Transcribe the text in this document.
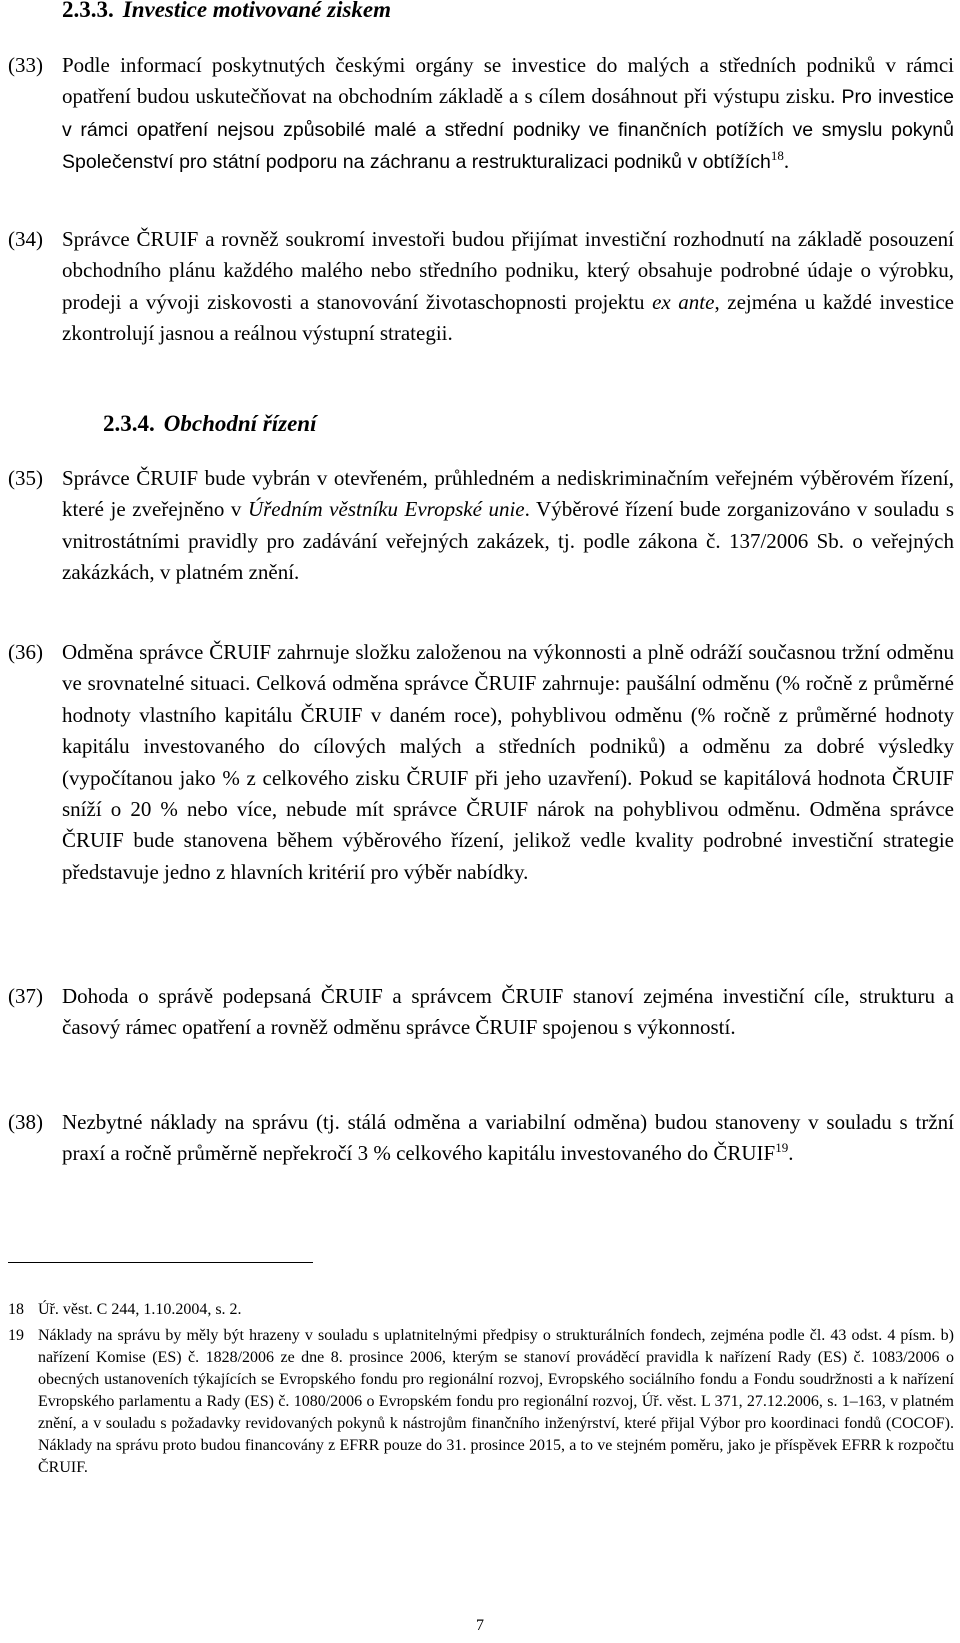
2.3.3. Investice motivované ziskem
(33) Podle informací poskytnutých českými orgány se investice do malých a středních podniků v rámci opatření budou uskutečňovat na obchodním základě a s cílem dosáhnout při výstupu zisku. Pro investice v rámci opatření nejsou způsobilé malé a střední podniky ve finančních potížích ve smyslu pokynů Společenství pro státní podporu na záchranu a restrukturalizaci podniků v obtížích$^{18}$.
(34) Správce ČRUIF a rovněž soukromí investoři budou přijímat investiční rozhodnutí na základě posouzení obchodního plánu každého malého nebo středního podniku, který obsahuje podrobné údaje o výrobku, prodeji a vývoji ziskovosti a stanovování životaschopnosti projektu ex ante, zejména u každé investice zkontrolují jasnou a reálnou výstupní strategii.
2.3.4. Obchodní řízení
(35) Správce ČRUIF bude vybrán v otevřeném, průhledném a nediskriminačním veřejném výběrovém řízení, které je zveřejněno v Úředním věstníku Evropské unie. Výběrové řízení bude zorganizováno v souladu s vnitrostátními pravidly pro zadávání veřejných zakázek, tj. podle zákona č. 137/2006 Sb. o veřejných zakázkách, v platném znění.
(36) Odměna správce ČRUIF zahrnuje složku založenou na výkonnosti a plně odráží současnou tržní odměnu ve srovnatelné situaci. Celková odměna správce ČRUIF zahrnuje: paušální odměnu (% ročně z průměrné hodnoty vlastního kapitálu ČRUIF v daném roce), pohyblivou odměnu (% ročně z průměrné hodnoty kapitálu investovaného do cílových malých a středních podniků) a odměnu za dobré výsledky (vypočítanou jako % z celkového zisku ČRUIF při jeho uzavření). Pokud se kapitálová hodnota ČRUIF sníží o 20 % nebo více, nebude mít správce ČRUIF nárok na pohyblivou odměnu. Odměna správce ČRUIF bude stanovena během výběrového řízení, jelikož vedle kvality podrobné investiční strategie představuje jedno z hlavních kritérií pro výběr nabídky.
(37) Dohoda o správě podepsaná ČRUIF a správcem ČRUIF stanoví zejména investiční cíle, strukturu a časový rámec opatření a rovněž odměnu správce ČRUIF spojenou s výkonností.
(38) Nezbytné náklady na správu (tj. stálá odměna a variabilní odměna) budou stanoveny v souladu s tržní praxí a ročně průměrně nepřekročí 3 % celkového kapitálu investovaného do ČRUIF$^{19}$.
18 Úř. věst. C 244, 1.10.2004, s. 2.
19 Náklady na správu by měly být hrazeny v souladu s uplatnitelnými předpisy o strukturálních fondech, zejména podle čl. 43 odst. 4 písm. b) nařízení Komise (ES) č. 1828/2006 ze dne 8. prosince 2006, kterým se stanoví prováděcí pravidla k nařízení Rady (ES) č. 1083/2006 o obecných ustanoveních týkajících se Evropského fondu pro regionální rozvoj, Evropského sociálního fondu a Fondu soudržnosti a k nařízení Evropského parlamentu a Rady (ES) č. 1080/2006 o Evropském fondu pro regionální rozvoj, Úř. věst. L 371, 27.12.2006, s. 1–163, v platném znění, a v souladu s požadavky revidovaných pokynů k nástrojům finančního inženýrství, které přijal Výbor pro koordinaci fondů (COCOF). Náklady na správu proto budou financovány z EFRR pouze do 31. prosince 2015, a to ve stejném poměru, jako je příspěvek EFRR k rozpočtu ČRUIF.
7
